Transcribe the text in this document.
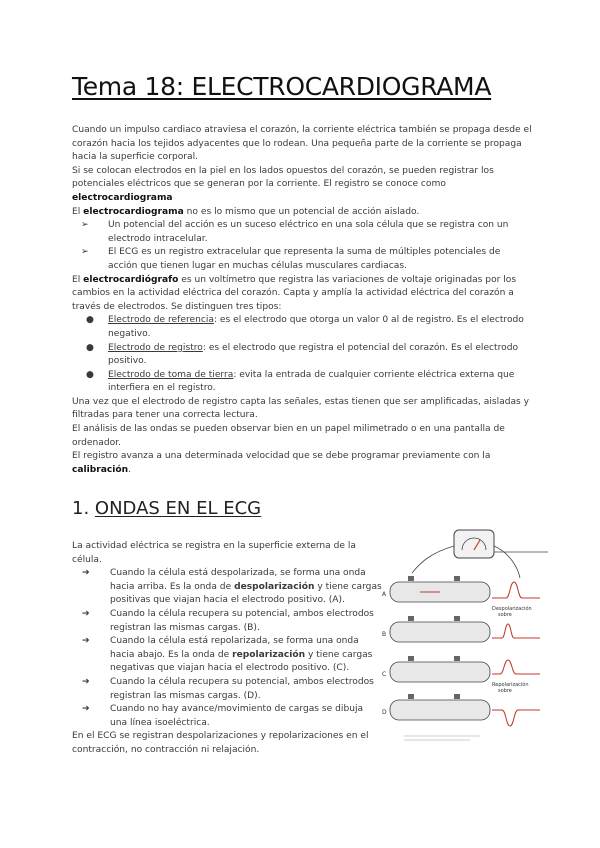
Tema 18: ELECTROCARDIOGRAMA

Cuando un impulso cardiaco atraviesa el corazón, la corriente eléctrica también se propaga desde el
corazón hacia los tejidos adyacentes que lo rodean. Una pequeña parte de la corriente se propaga
hacia la superficie corporal.

Si se colocan electrodos en la piel en los lados opuestos del corazón, se pueden registrar los
potenciales eléctricos que se generan por la corriente. El registro se conoce como
electrocardiograma

El electrocardiograma no es lo mismo que un potencial de acción aislado.

➢ Un potencial del acción es un suceso eléctrico en una sola célula que se registra con un
electrodo intracelular.
➢ El ECG es un registro extracelular que representa la suma de múltiples potenciales de
acción que tienen lugar en muchas células musculares cardiacas.

El electrocardiógrafo es un voltímetro que registra las variaciones de voltaje originadas por los
cambios en la actividad eléctrica del corazón. Capta y amplía la actividad eléctrica del corazón a
través de electrodos. Se distinguen tres tipos:

● Electrodo de referencia: es el electrodo que otorga un valor 0 al de registro. Es el electrodo
negativo.
● Electrodo de registro: es el electrodo que registra el potencial del corazón. Es el electrodo
positivo.
● Electrodo de toma de tierra: evita la entrada de cualquier corriente eléctrica externa que
interfiera en el registro.

Una vez que el electrodo de registro capta las señales, estas tienen que ser amplificadas, aisladas y
filtradas para tener una correcta lectura.

El análisis de las ondas se pueden observar bien en un papel milimetrado o en una pantalla de
ordenador.

El registro avanza a una determinada velocidad que se debe programar previamente con la
calibración.

1. ONDAS EN EL ECG

La actividad eléctrica se registra en la superficie externa de la
célula.

➔ Cuando la célula está despolarizada, se forma una onda
hacia arriba. Es la onda de despolarización y tiene cargas
positivas que viajan hacia el electrodo positivo. (A).
➔ Cuando la célula recupera su potencial, ambos electrodos
registran las mismas cargas. (B).
➔ Cuando la célula está repolarizada, se forma una onda
hacia abajo. Es la onda de repolarización y tiene cargas
negativas que viajan hacia el electrodo positivo. (C).
➔ Cuando la célula recupera su potencial, ambos electrodos
registran las mismas cargas. (D).
➔ Cuando no hay avance/movimiento de cargas se dibuja
una línea isoeléctrica.

En el ECG se registran despolarizaciones y repolarizaciones en el
contracción, no contracción ni relajación.

A
B
C
D
Despolarización
sobre
Repolarización
sobre
